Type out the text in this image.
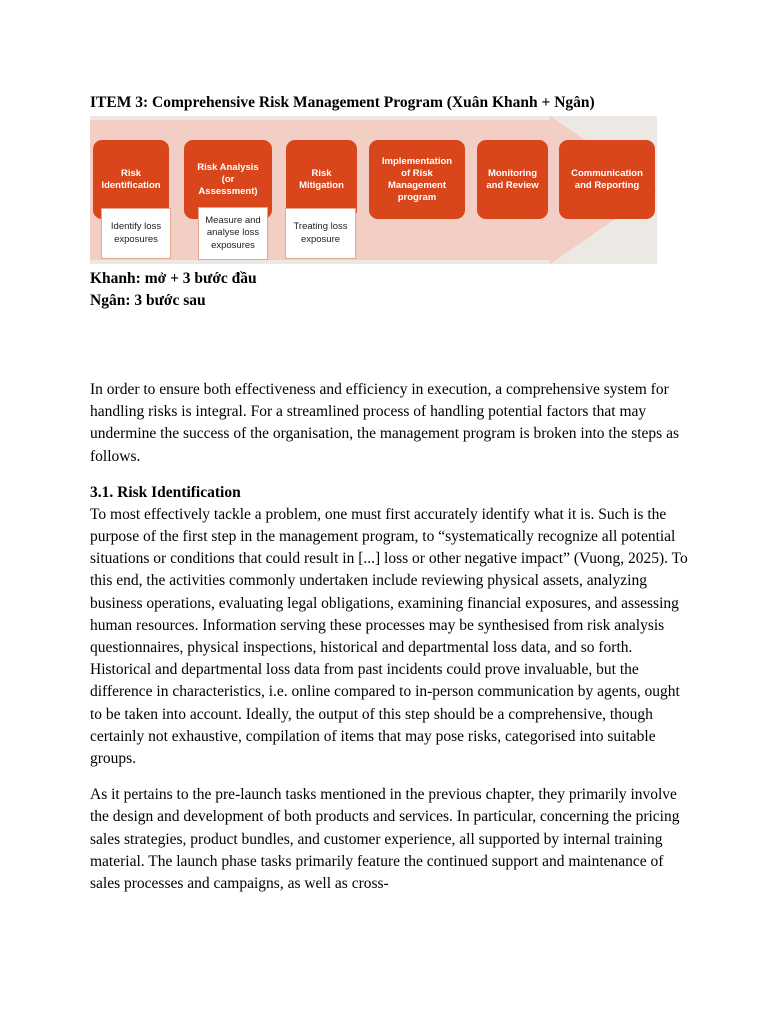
ITEM 3: Comprehensive Risk Management Program (Xuân Khanh + Ngân)

Risk
Identification
Risk Analysis
(or
Assessment)
Risk
Mitigation
Implementation
of Risk
Management
program
Monitoring
and Review
Communication
and Reporting
Identify loss
exposures
Measure and
analyse loss
exposures
Treating loss
exposure

Khanh: mở + 3 bước đầu

Ngân: 3 bước sau

In order to ensure both effectiveness and efficiency in execution, a comprehensive system for handling risks is integral. For a streamlined process of handling potential factors that may undermine the success of the organisation, the management program is broken into the steps as follows.

3.1. Risk Identification

To most effectively tackle a problem, one must first accurately identify what it is. Such is the purpose of the first step in the management program, to “systematically recognize all potential situations or conditions that could result in [...] loss or other negative impact” (Vuong, 2025). To this end, the activities commonly undertaken include reviewing physical assets, analyzing business operations, evaluating legal obligations, examining financial exposures, and assessing human resources. Information serving these processes may be synthesised from risk analysis questionnaires, physical inspections, historical and departmental loss data, and so forth. Historical and departmental loss data from past incidents could prove invaluable, but the difference in characteristics, i.e. online compared to in-person communication by agents, ought to be taken into account. Ideally, the output of this step should be a comprehensive, though certainly not exhaustive, compilation of items that may pose risks, categorised into suitable groups.

As it pertains to the pre-launch tasks mentioned in the previous chapter, they primarily involve the design and development of both products and services. In particular, concerning the pricing sales strategies, product bundles, and customer experience, all supported by internal training material. The launch phase tasks primarily feature the continued support and maintenance of sales processes and campaigns, as well as cross-
